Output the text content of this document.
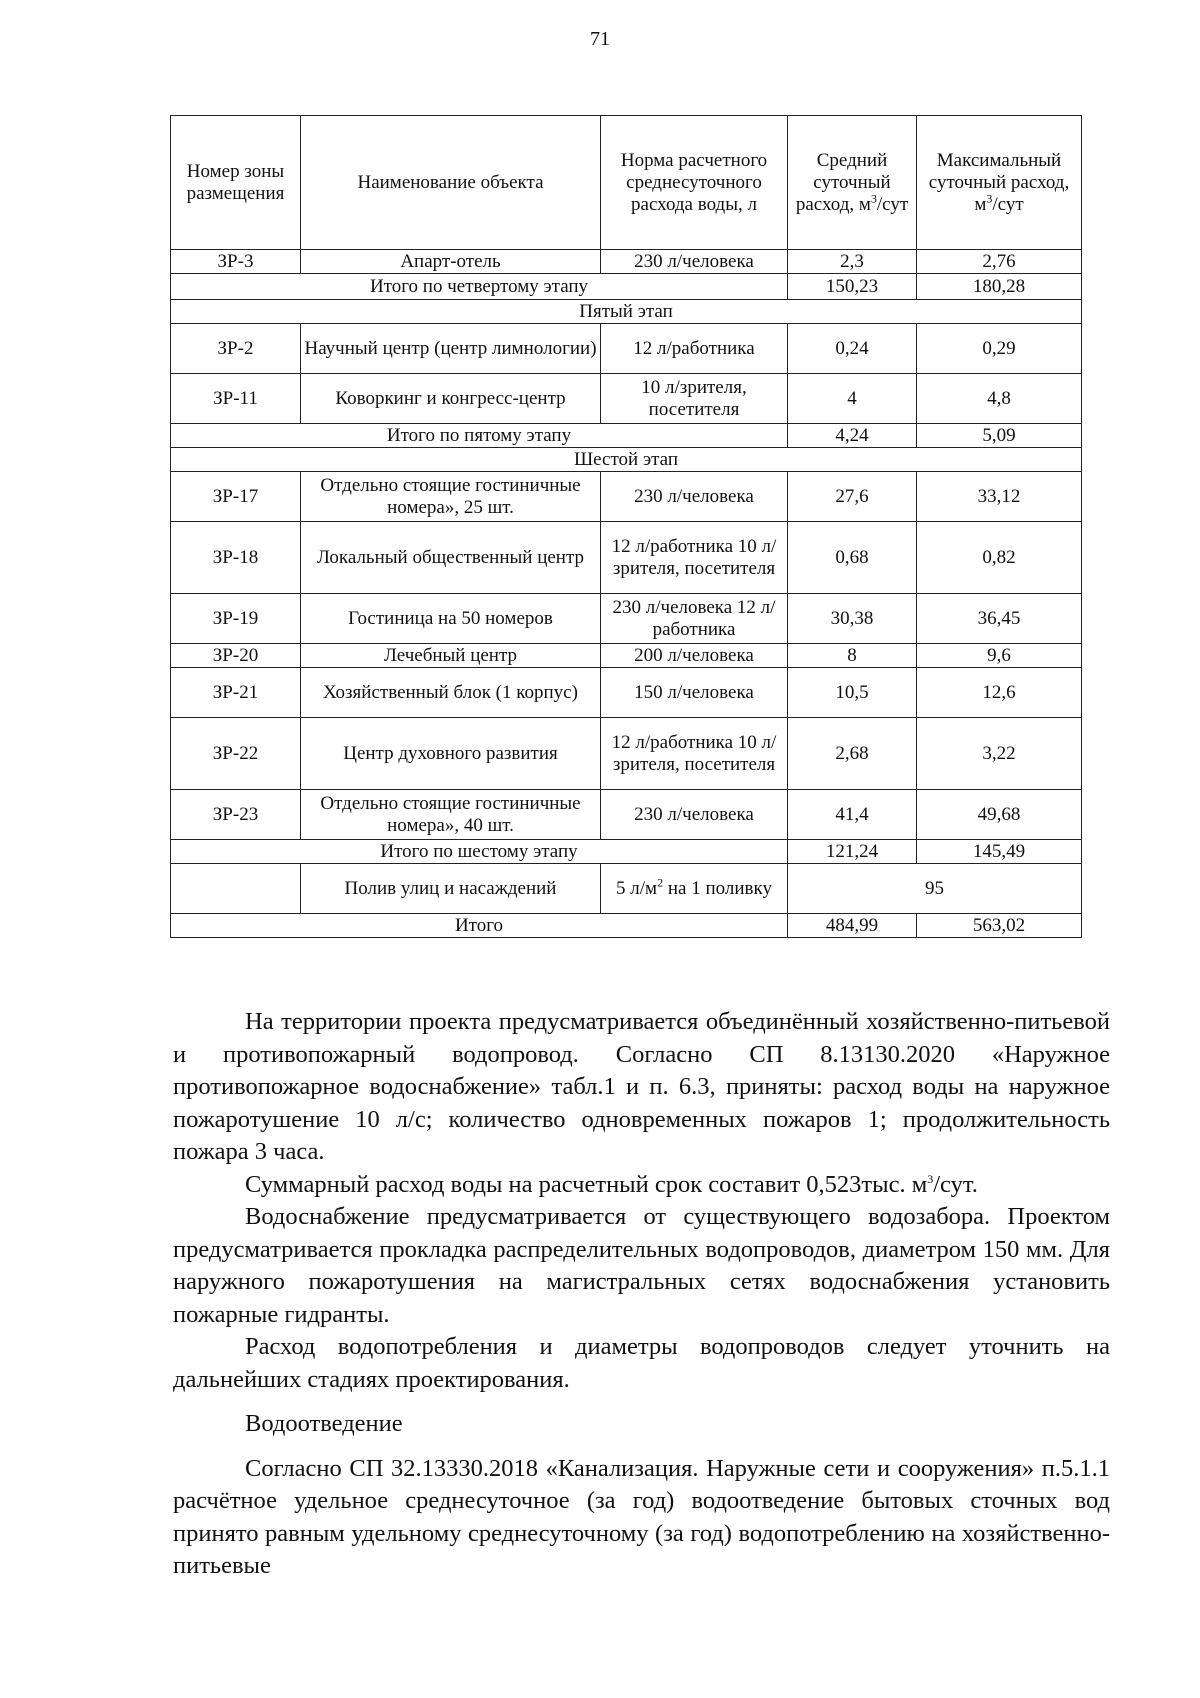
71
Номер зоны размещения	Наименование объекта	Норма расчетного среднесуточного расхода воды, л	Средний суточный расход, $м^3$/сут	Максимальный суточный расход, $м^3$/сут
ЗР-3	Апарт-отель	230 л/человека	2,3	2,76
Итого по четвертому этапу			150,23	180,28
Пятый этап				
ЗР-2	Научный центр (центр лимнологии)	12 л/работника	0,24	0,29
ЗР-11	Коворкинг и конгресс-центр	10 л/зрителя, посетителя	4	4,8
Итого по пятому этапу			4,24	5,09
Шестой этап				
ЗР-17	Отдельно стоящие гостиничные номера», 25 шт.	230 л/человека	27,6	33,12
ЗР-18	Локальный общественный центр	12 л/работника 10 л/зрителя, посетителя	0,68	0,82
ЗР-19	Гостиница на 50 номеров	230 л/человека 12 л/работника	30,38	36,45
ЗР-20	Лечебный центр	200 л/человека	8	9,6
ЗР-21	Хозяйственный блок (1 корпус)	150 л/человека	10,5	12,6
ЗР-22	Центр духовного развития	12 л/работника 10 л/зрителя, посетителя	2,68	3,22
ЗР-23	Отдельно стоящие гостиничные номера», 40 шт.	230 л/человека	41,4	49,68
Итого по шестому этапу			121,24	145,49
	Полив улиц и насаждений	5 $л/м^2$ на 1 поливку	95	
Итого			484,99	563,02

На территории проекта предусматривается объединённый хозяйственно-питьевой и противопожарный водопровод. Согласно СП 8.13130.2020 «Наружное противопожарное водоснабжение» табл.1 и п. 6.3, приняты: расход воды на наружное пожаротушение 10 л/с; количество одновременных пожаров 1; продолжительность пожара 3 часа.

Суммарный расход воды на расчетный срок составит 0,523тыс. $м^3$/сут.

Водоснабжение предусматривается от существующего водозабора. Проектом предусматривается прокладка распределительных водопроводов, диаметром 150 мм. Для наружного пожаротушения на магистральных сетях водоснабжения установить пожарные гидранты.

Расход водопотребления и диаметры водопроводов следует уточнить на дальнейших стадиях проектирования.

Водоотведение

Согласно СП 32.13330.2018 «Канализация. Наружные сети и сооружения» п.5.1.1 расчётное удельное среднесуточное (за год) водоотведение бытовых сточных вод принято равным удельному среднесуточному (за год) водопотреблению на хозяйственно-питьевые
